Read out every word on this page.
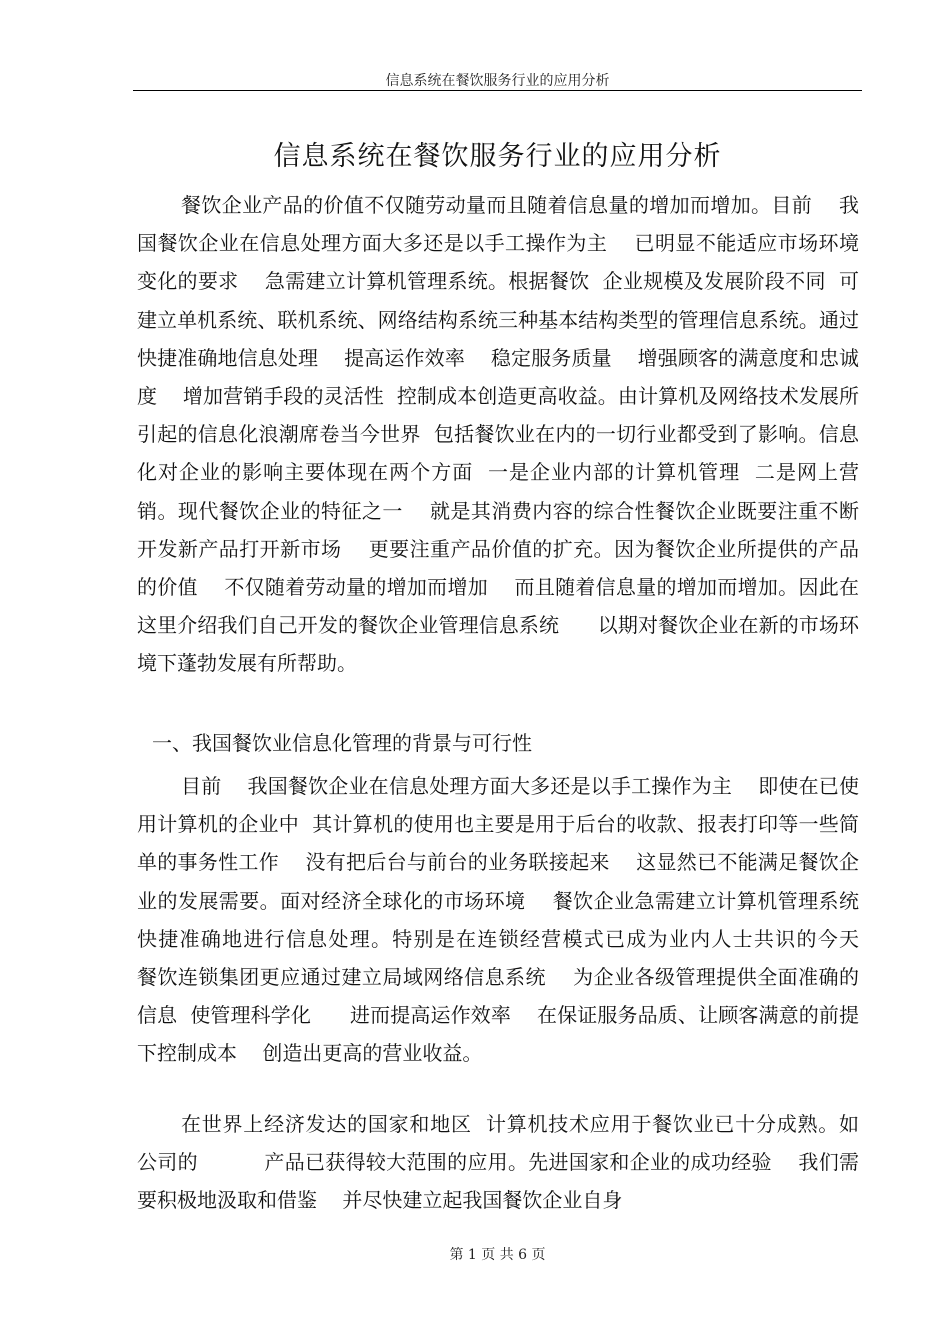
信息系统在餐饮服务行业的应用分析
信息系统在餐饮服务行业的应用分析

餐饮企业产品的价值不仅随劳动量而且随着信息量的增加而增加。目前    我国餐饮企业在信息处理方面大多还是以手工操作为主    已明显不能适应市场环境变化的要求    急需建立计算机管理系统。根据餐饮  企业规模及发展阶段不同  可建立单机系统、联机系统、网络结构系统三种基本结构类型的管理信息系统。通过快捷准确地信息处理    提高运作效率    稳定服务质量    增强顾客的满意度和忠诚度    增加营销手段的灵活性  控制成本创造更高收益。由计算机及网络技术发展所引起的信息化浪潮席卷当今世界  包括餐饮业在内的一切行业都受到了影响。信息化对企业的影响主要体现在两个方面  一是企业内部的计算机管理  二是网上营销。现代餐饮企业的特征之一    就是其消费内容的综合性餐饮企业既要注重不断开发新产品打开新市场    更要注重产品价值的扩充。因为餐饮企业所提供的产品的价值    不仅随着劳动量的增加而增加    而且随着信息量的增加而增加。因此在这里介绍我们自己开发的餐饮企业管理信息系统      以期对餐饮企业在新的市场环境下蓬勃发展有所帮助。

一、我国餐饮业信息化管理的背景与可行性

目前    我国餐饮企业在信息处理方面大多还是以手工操作为主    即使在已使用计算机的企业中  其计算机的使用也主要是用于后台的收款、报表打印等一些简单的事务性工作    没有把后台与前台的业务联接起来    这显然已不能满足餐饮企业的发展需要。面对经济全球化的市场环境    餐饮企业急需建立计算机管理系统    快捷准确地进行信息处理。特别是在连锁经营模式已成为业内人士共识的今天      餐饮连锁集团更应通过建立局域网络信息系统    为企业各级管理提供全面准确的信息  使管理科学化      进而提高运作效率    在保证服务品质、让顾客满意的前提下控制成本    创造出更高的营业收益。

在世界上经济发达的国家和地区  计算机技术应用于餐饮业已十分成熟。如          公司的          产品已获得较大范围的应用。先进国家和企业的成功经验    我们需要积极地汲取和借鉴    并尽快建立起我国餐饮企业自身

第 1 页 共 6 页
